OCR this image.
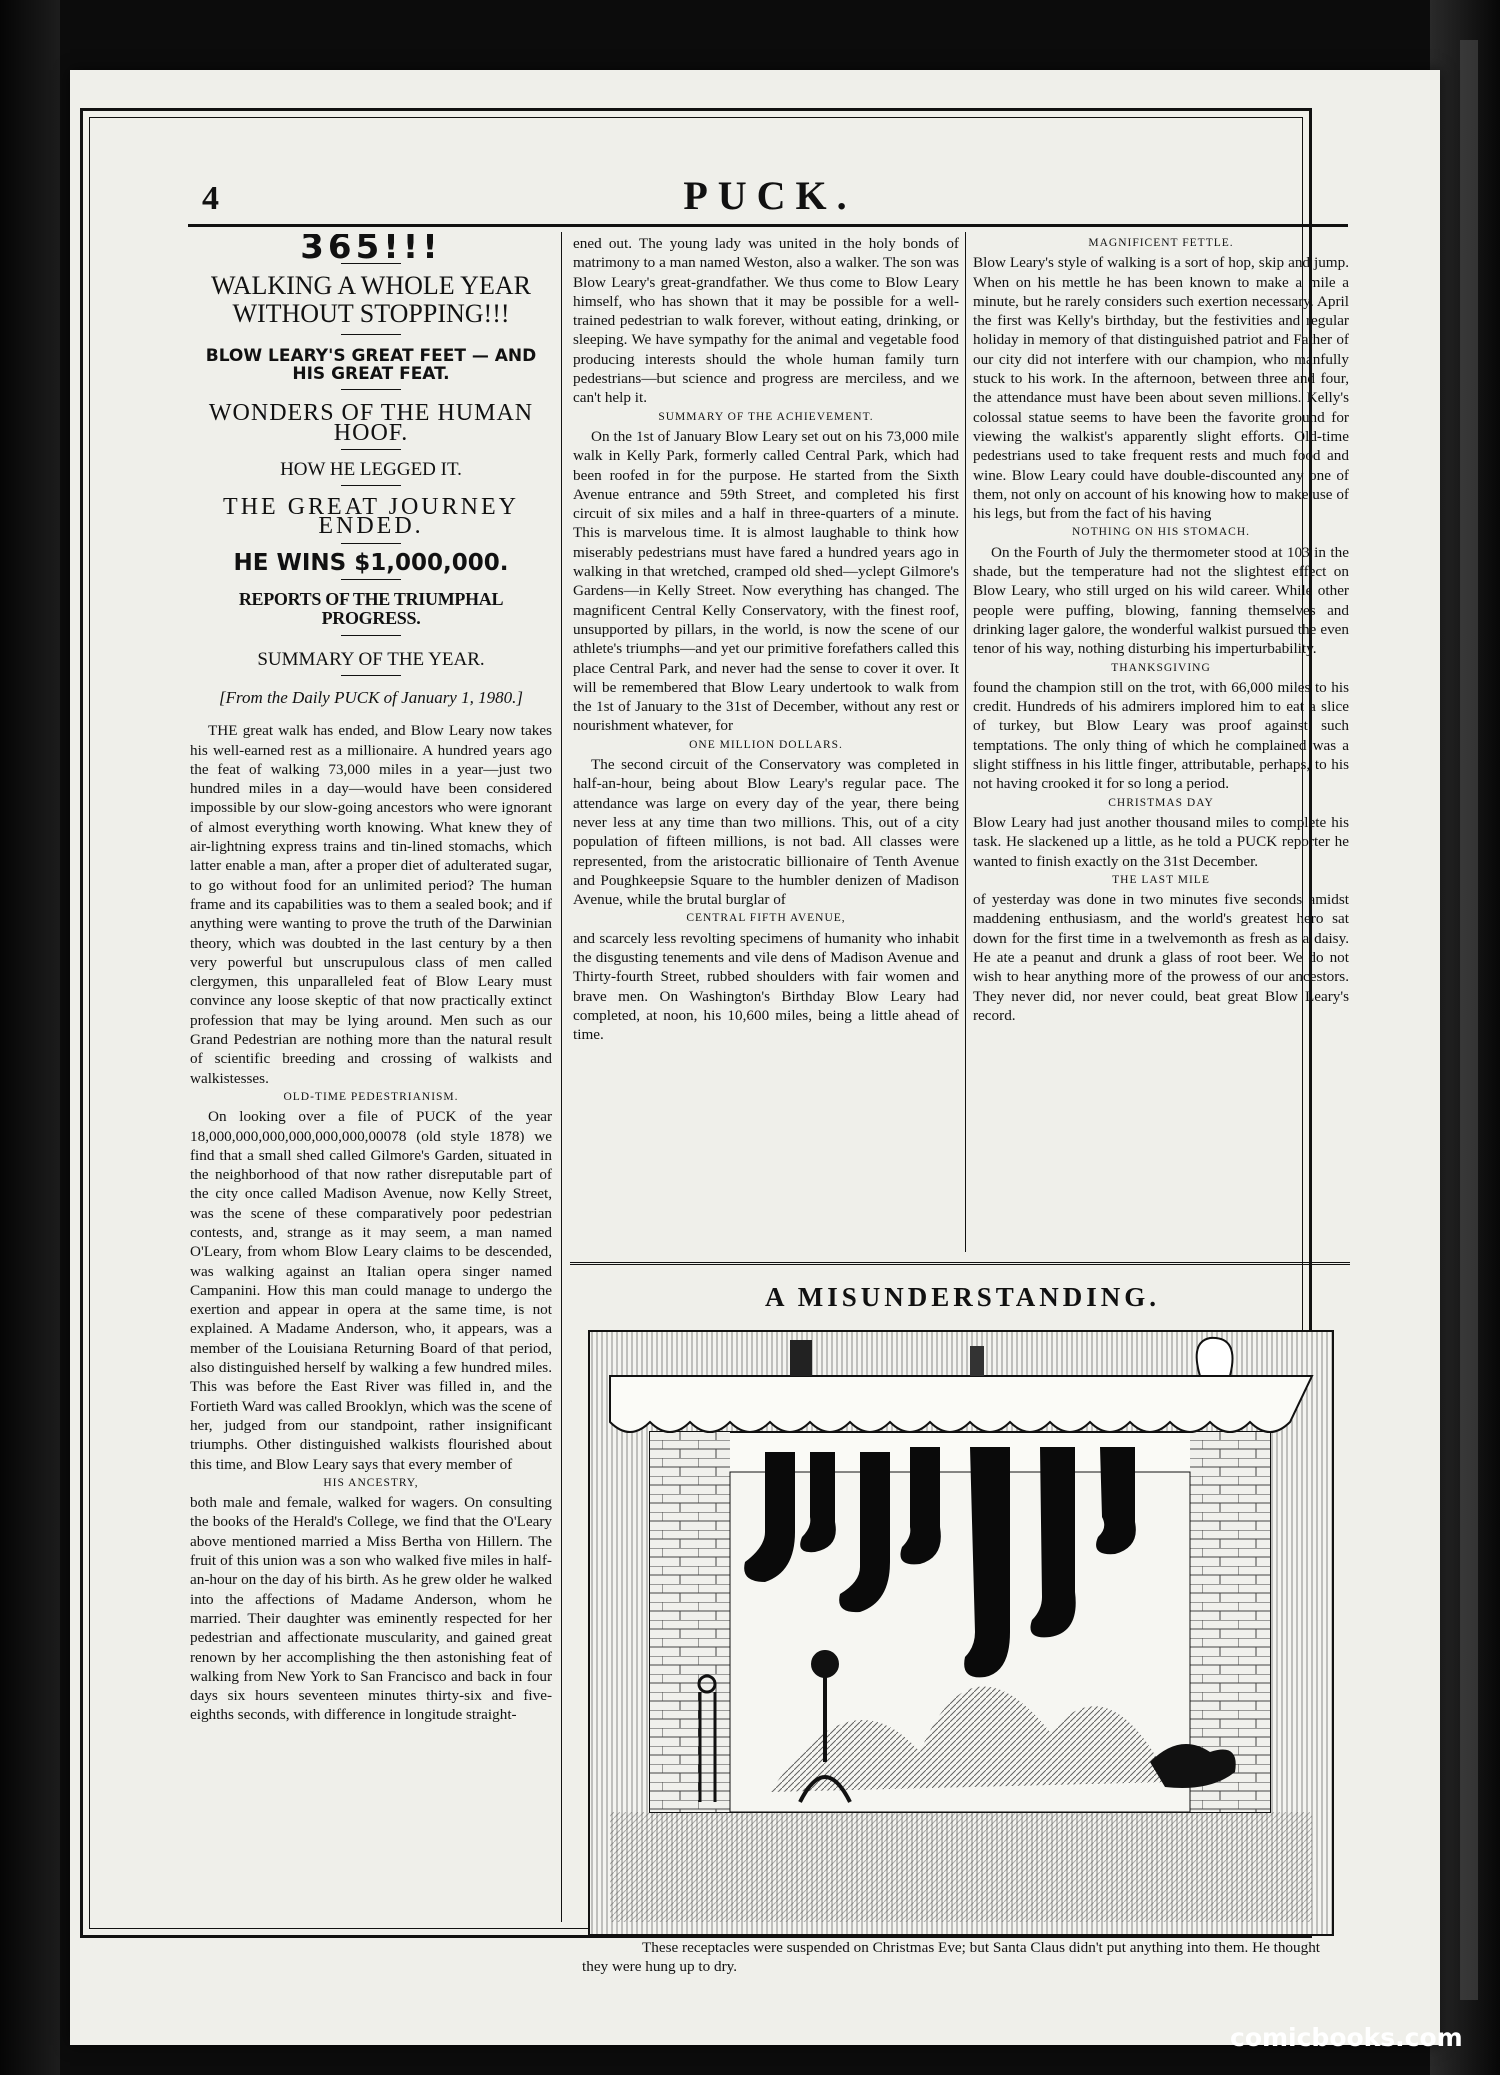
4	PUCK.
365!!!
WALKING A WHOLE YEAR WITHOUT STOPPING!!!
BLOW LEARY'S GREAT FEET — AND HIS GREAT FEAT.
WONDERS OF THE HUMAN HOOF.
HOW HE LEGGED IT.
THE GREAT JOURNEY ENDED.
HE WINS $1,000,000.
REPORTS OF THE TRIUMPHAL PROGRESS.
SUMMARY OF THE YEAR.
[From the Daily PUCK of January 1, 1980.]

THE great walk has ended, and Blow Leary now takes his well-earned rest as a millionaire. A hundred years ago the feat of walking 73,000 miles in a year—just two hundred miles in a day—would have been considered impossible by our slow-going ancestors who were ignorant of almost everything worth knowing. What knew they of air-lightning express trains and tin-lined stomachs, which latter enable a man, after a proper diet of adulterated sugar, to go without food for an unlimited period? The human frame and its capabilities was to them a sealed book; and if anything were wanting to prove the truth of the Darwinian theory, which was doubted in the last century by a then very powerful but unscrupulous class of men called clergymen, this unparalleled feat of Blow Leary must convince any loose skeptic of that now practically extinct profession that may be lying around. Men such as our Grand Pedestrian are nothing more than the natural result of scientific breeding and crossing of walkists and walkistesses.

OLD-TIME PEDESTRIANISM.

On looking over a file of PUCK of the year 18,000,000,000,000,000,000,00078 (old style 1878) we find that a small shed called Gilmore's Garden, situated in the neighborhood of that now rather disreputable part of the city once called Madison Avenue, now Kelly Street, was the scene of these comparatively poor pedestrian contests, and, strange as it may seem, a man named O'Leary, from whom Blow Leary claims to be descended, was walking against an Italian opera singer named Campanini. How this man could manage to undergo the exertion and appear in opera at the same time, is not explained. A Madame Anderson, who, it appears, was a member of the Louisiana Returning Board of that period, also distinguished herself by walking a few hundred miles. This was before the East River was filled in, and the Fortieth Ward was called Brooklyn, which was the scene of her, judged from our standpoint, rather insignificant triumphs. Other distinguished walkists flourished about this time, and Blow Leary says that every member of

HIS ANCESTRY,

both male and female, walked for wagers. On consulting the books of the Herald's College, we find that the O'Leary above mentioned married a Miss Bertha von Hillern. The fruit of this union was a son who walked five miles in half-an-hour on the day of his birth. As he grew older he walked into the affections of Madame Anderson, whom he married. Their daughter was eminently respected for her pedestrian and affectionate muscularity, and gained great renown by her accomplishing the then astonishing feat of walking from New York to San Francisco and back in four days six hours seventeen minutes thirty-six and five-eighths seconds, with difference in longitude straight-

ened out. The young lady was united in the holy bonds of matrimony to a man named Weston, also a walker. The son was Blow Leary's great-grandfather. We thus come to Blow Leary himself, who has shown that it may be possible for a well-trained pedestrian to walk forever, without eating, drinking, or sleeping. We have sympathy for the animal and vegetable food producing interests should the whole human family turn pedestrians—but science and progress are merciless, and we can't help it.

SUMMARY OF THE ACHIEVEMENT.

On the 1st of January Blow Leary set out on his 73,000 mile walk in Kelly Park, formerly called Central Park, which had been roofed in for the purpose. He started from the Sixth Avenue entrance and 59th Street, and completed his first circuit of six miles and a half in three-quarters of a minute. This is marvelous time. It is almost laughable to think how miserably pedestrians must have fared a hundred years ago in walking in that wretched, cramped old shed—yclept Gilmore's Gardens—in Kelly Street. Now everything has changed. The magnificent Central Kelly Conservatory, with the finest roof, unsupported by pillars, in the world, is now the scene of our athlete's triumphs—and yet our primitive forefathers called this place Central Park, and never had the sense to cover it over. It will be remembered that Blow Leary undertook to walk from the 1st of January to the 31st of December, without any rest or nourishment whatever, for

ONE MILLION DOLLARS.

The second circuit of the Conservatory was completed in half-an-hour, being about Blow Leary's regular pace. The attendance was large on every day of the year, there being never less at any time than two millions. This, out of a city population of fifteen millions, is not bad. All classes were represented, from the aristocratic billionaire of Tenth Avenue and Poughkeepsie Square to the humbler denizen of Madison Avenue, while the brutal burglar of

CENTRAL FIFTH AVENUE,

and scarcely less revolting specimens of humanity who inhabit the disgusting tenements and vile dens of Madison Avenue and Thirty-fourth Street, rubbed shoulders with fair women and brave men. On Washington's Birthday Blow Leary had completed, at noon, his 10,600 miles, being a little ahead of time.

MAGNIFICENT FETTLE.

Blow Leary's style of walking is a sort of hop, skip and jump. When on his mettle he has been known to make a mile a minute, but he rarely considers such exertion necessary. April the first was Kelly's birthday, but the festivities and regular holiday in memory of that distinguished patriot and Father of our city did not interfere with our champion, who manfully stuck to his work. In the afternoon, between three and four, the attendance must have been about seven millions. Kelly's colossal statue seems to have been the favorite ground for viewing the walkist's apparently slight efforts. Old-time pedestrians used to take frequent rests and much food and wine. Blow Leary could have double-discounted any one of them, not only on account of his knowing how to make use of his legs, but from the fact of his having

NOTHING ON HIS STOMACH.

On the Fourth of July the thermometer stood at 103 in the shade, but the temperature had not the slightest effect on Blow Leary, who still urged on his wild career. While other people were puffing, blowing, fanning themselves and drinking lager galore, the wonderful walkist pursued the even tenor of his way, nothing disturbing his imperturbability.

THANKSGIVING

found the champion still on the trot, with 66,000 miles to his credit. Hundreds of his admirers implored him to eat a slice of turkey, but Blow Leary was proof against such temptations. The only thing of which he complained was a slight stiffness in his little finger, attributable, perhaps, to his not having crooked it for so long a period.

CHRISTMAS DAY

Blow Leary had just another thousand miles to complete his task. He slackened up a little, as he told a PUCK reporter he wanted to finish exactly on the 31st December.

THE LAST MILE

of yesterday was done in two minutes five seconds amidst maddening enthusiasm, and the world's greatest hero sat down for the first time in a twelvemonth as fresh as a daisy. He ate a peanut and drunk a glass of root beer. We do not wish to hear anything more of the prowess of our ancestors. They never did, nor never could, beat great Blow Leary's record.

A MISUNDERSTANDING.
These receptacles were suspended on Christmas Eve; but Santa Claus didn't put anything into them. He thought they were hung up to dry.
comicbooks.com
